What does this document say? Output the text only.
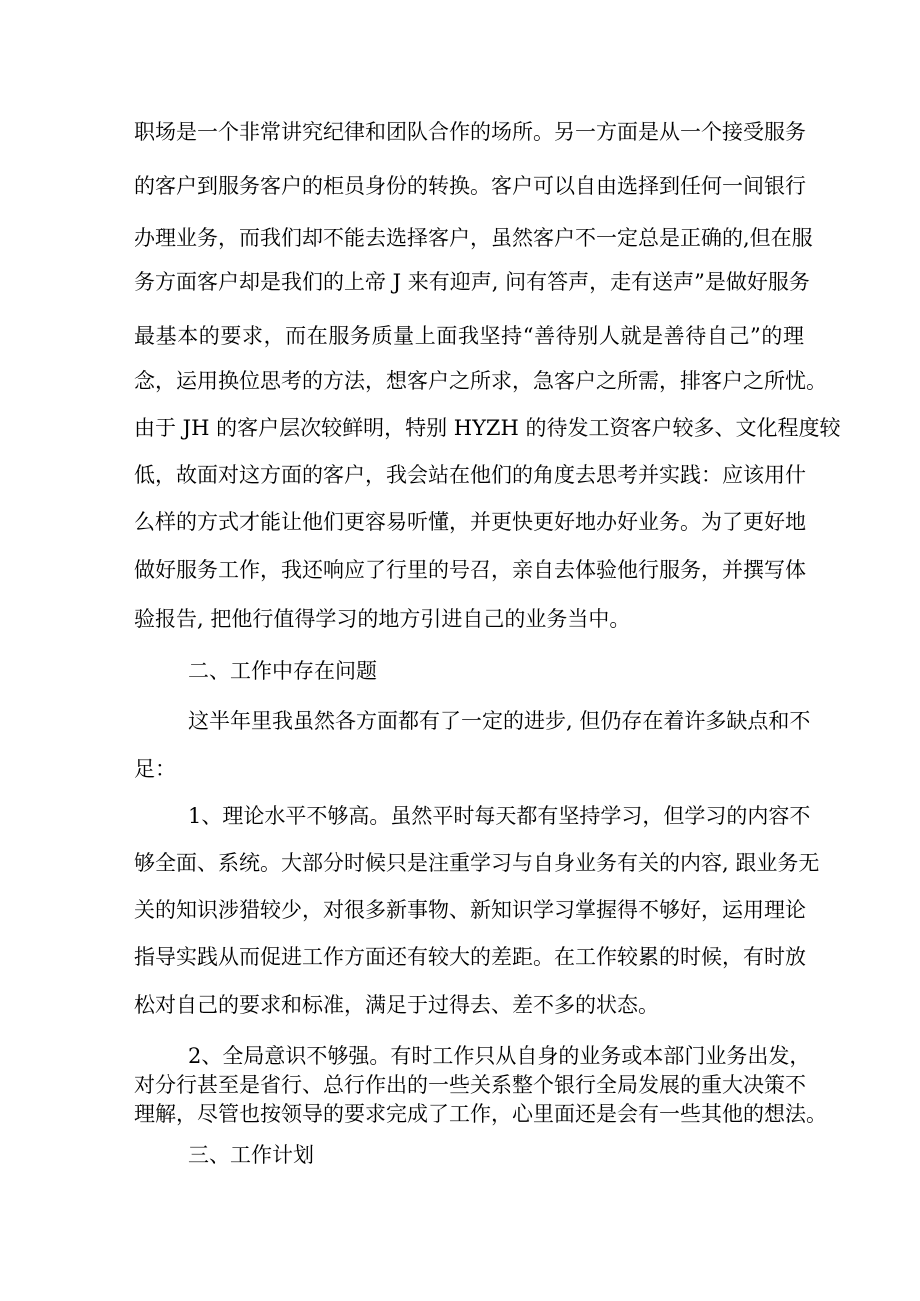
职场是一个非常讲究纪律和团队合作的场所。另一方面是从一个接受服务
的客户到服务客户的柜员身份的转换。客户可以自由选择到任何一间银行
办理业务，而我们却不能去选择客户，虽然客户不一定总是正确的,但在服
务方面客户却是我们的上帝 J 来有迎声, 问有答声，走有送声”是做好服务
最基本的要求，而在服务质量上面我坚持“善待别人就是善待自己”的理
念，运用换位思考的方法，想客户之所求，急客户之所需，排客户之所忧。
由于 JH 的客户层次较鲜明，特别 HYZH 的待发工资客户较多、文化程度较
低，故面对这方面的客户，我会站在他们的角度去思考并实践：应该用什
么样的方式才能让他们更容易听懂，并更快更好地办好业务。为了更好地
做好服务工作，我还响应了行里的号召，亲自去体验他行服务，并撰写体
验报告, 把他行值得学习的地方引进自己的业务当中。
二、工作中存在问题
这半年里我虽然各方面都有了一定的进步, 但仍存在着许多缺点和不
足：
1、理论水平不够高。虽然平时每天都有坚持学习，但学习的内容不
够全面、系统。大部分时候只是注重学习与自身业务有关的内容, 跟业务无
关的知识涉猎较少，对很多新事物、新知识学习掌握得不够好，运用理论
指导实践从而促进工作方面还有较大的差距。在工作较累的时候，有时放
松对自己的要求和标准，满足于过得去、差不多的状态。
2、全局意识不够强。有时工作只从自身的业务或本部门业务出发，
对分行甚至是省行、总行作出的一些关系整个银行全局发展的重大决策不
理解，尽管也按领导的要求完成了工作，心里面还是会有一些其他的想法。
三、工作计划
